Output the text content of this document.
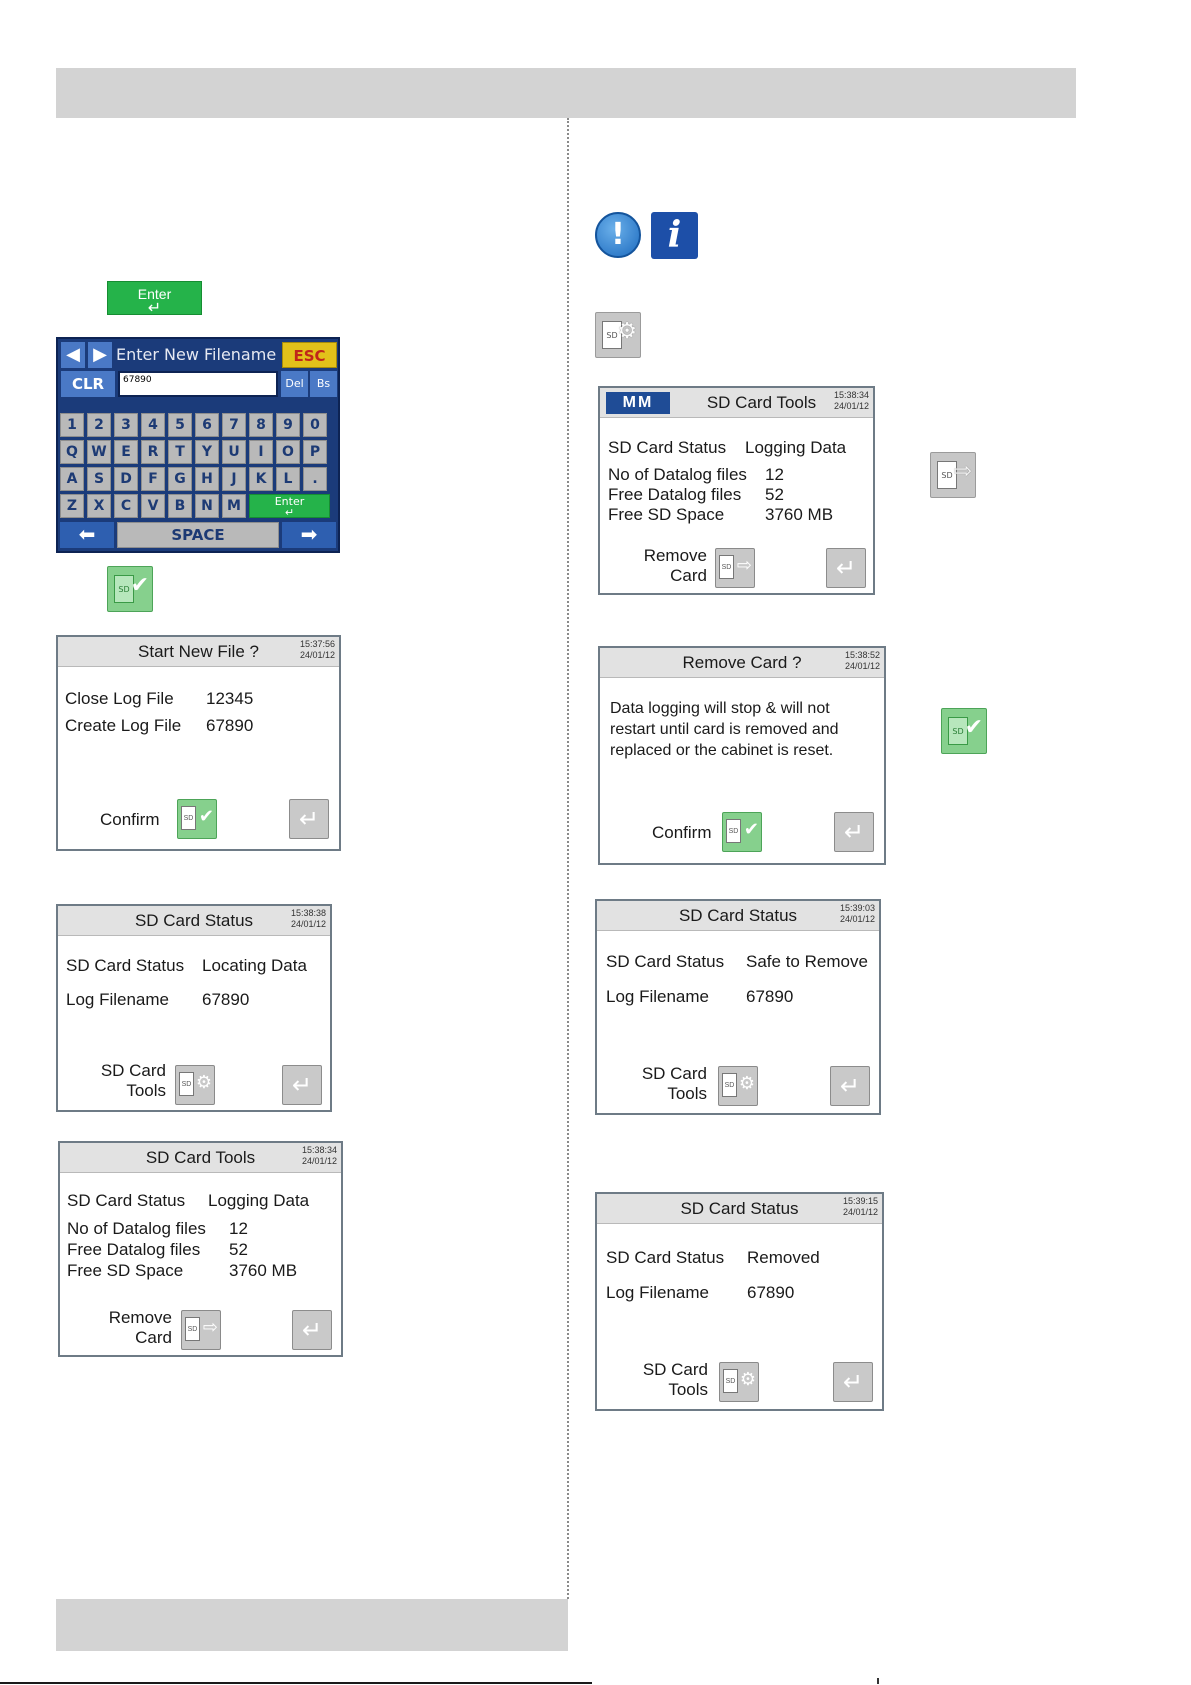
Enter
↵
◀ ▶ Enter New Filename	ESC
CLR	67890	Del	Bs
1	2	3	4	5	6	7	8	9	0
Q W	E	R	T	Y	U	I	O	P
A	S	D	F	G	H	J	K	L	.
Z	X	C	V	B	N	M	Enter
↵
⬅	SPACE	➡
SD ✔
Start New File ?	15:37:56
24/01/12
Close Log File 12345
Create Log File 67890
Confirm	SD ✔	↵
SD Card Status	15:38:38
24/01/12
SD Card Status Locating Data
Log Filename 67890
SD Card
Tools	SD ⚙	↵
SD Card Tools	15:38:34
24/01/12
SD Card Status Logging Data
No of Datalog files 12
Free Datalog files 52
Free SD Space	3760 MB
Remove
Card	SD ⇨	↵
!	i
SD ⚙
MM	SD Card Tools	15:38:34
24/01/12
SD Card Status Logging Data
No of Datalog files 12
Free Datalog files 52
Free SD Space 3760 MB
Remove
Card	SD ⇨	↵
SD ⇨
Remove Card ?	15:38:52
24/01/12
Data logging will stop & will not
restart until card is removed and
replaced or the cabinet is reset.
Confirm	SD ✔	↵
SD ✔
SD Card Status	15:39:03
24/01/12
SD Card Status Safe to Remove
Log Filename 67890
SD Card
Tools	SD ⚙	↵
SD Card Status	15:39:15
24/01/12
SD Card Status Removed
Log Filename 67890
SD Card
Tools	SD ⚙	↵
